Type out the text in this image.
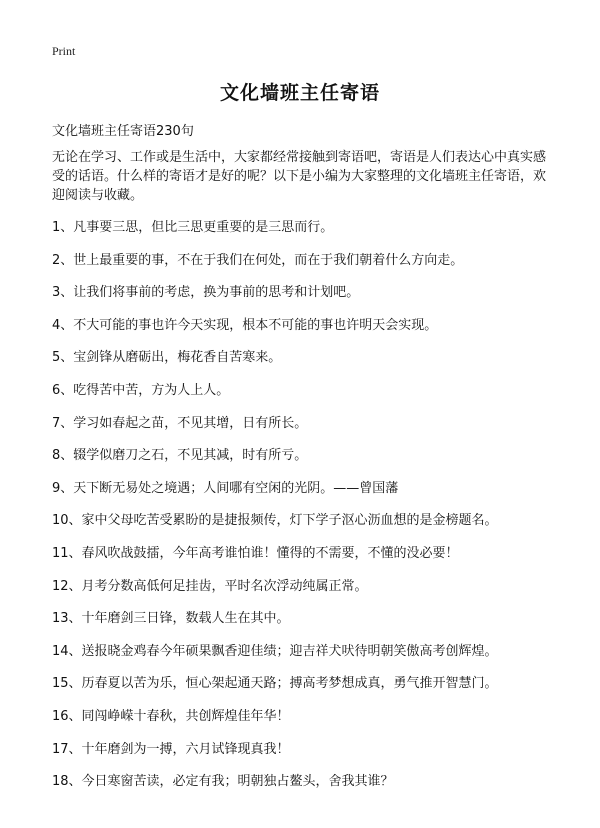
Print
文化墙班主任寄语
文化墙班主任寄语230句

无论在学习、工作或是生活中，大家都经常接触到寄语吧，寄语是人们表达心中真实感受的话语。什么样的寄语才是好的呢？以下是小编为大家整理的文化墙班主任寄语，欢迎阅读与收藏。

1、凡事要三思，但比三思更重要的是三思而行。
2、世上最重要的事，不在于我们在何处，而在于我们朝着什么方向走。
3、让我们将事前的考虑，换为事前的思考和计划吧。
4、不大可能的事也许今天实现，根本不可能的事也许明天会实现。
5、宝剑锋从磨砺出，梅花香自苦寒来。
6、吃得苦中苦，方为人上人。
7、学习如春起之苗，不见其增，日有所长。
8、辍学似磨刀之石，不见其减，时有所亏。
9、天下断无易处之境遇；人间哪有空闲的光阴。——曾国藩
10、家中父母吃苦受累盼的是捷报频传，灯下学子沤心沥血想的是金榜题名。
11、春风吹战鼓擂，今年高考谁怕谁！懂得的不需要，不懂的没必要！
12、月考分数高低何足挂齿，平时名次浮动纯属正常。
13、十年磨剑三日锋，数载人生在其中。
14、送报晓金鸡春今年硕果飘香迎佳绩；迎吉祥犬吠待明朝笑傲高考创辉煌。
15、历春夏以苦为乐，恒心架起通天路；搏高考梦想成真，勇气推开智慧门。
16、同闯峥嵘十春秋，共创辉煌佳年华！
17、十年磨剑为一搏，六月试锋现真我！
18、今日寒窗苦读，必定有我；明朝独占鳌头，舍我其谁？
